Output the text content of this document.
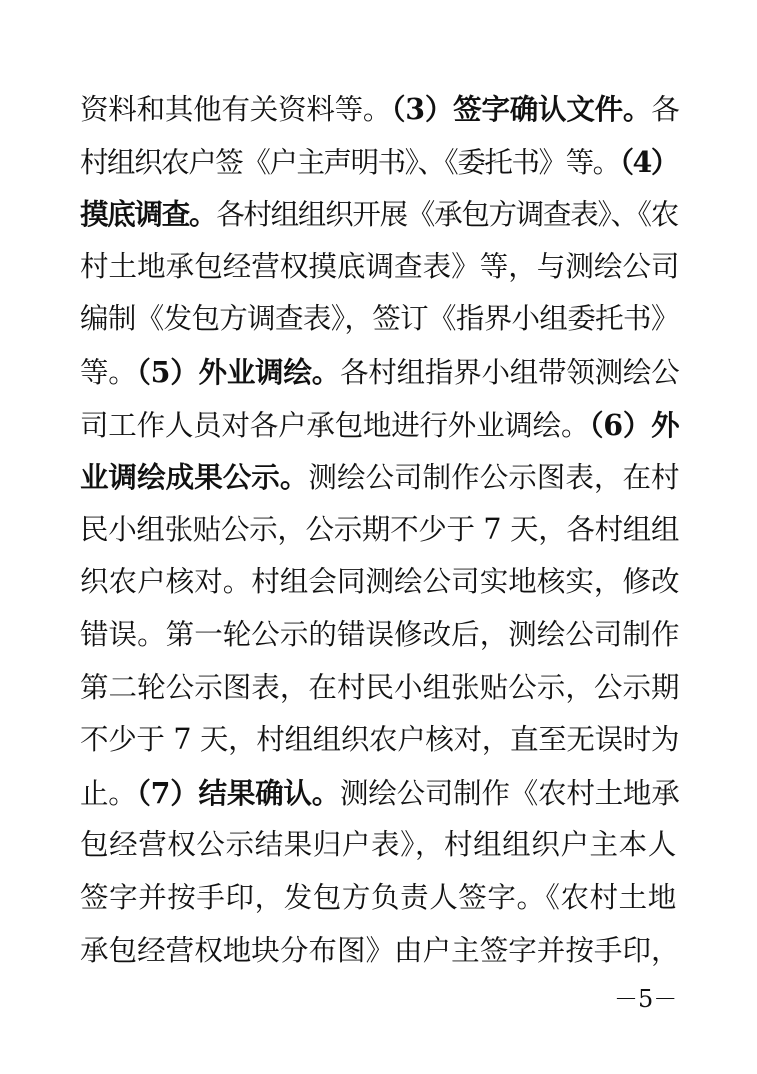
资料和其他有关资料等。（3）签字确认文件。各
村组织农户签《户主声明书》、《委托书》等。（4）
摸底调查。各村组组织开展《承包方调查表》、《农
村土地承包经营权摸底调查表》等，与测绘公司
编制《发包方调查表》，签订《指界小组委托书》
等。（5）外业调绘。各村组指界小组带领测绘公
司工作人员对各户承包地进行外业调绘。（6）外
业调绘成果公示。测绘公司制作公示图表，在村
民小组张贴公示，公示期不少于 7 天，各村组组
织农户核对。村组会同测绘公司实地核实，修改
错误。第一轮公示的错误修改后，测绘公司制作
第二轮公示图表，在村民小组张贴公示，公示期
不少于 7 天，村组组织农户核对，直至无误时为
止。（7）结果确认。测绘公司制作《农村土地承
包经营权公示结果归户表》，村组组织户主本人
签字并按手印，发包方负责人签字。《农村土地
承包经营权地块分布图》由户主签字并按手印，
－5－
